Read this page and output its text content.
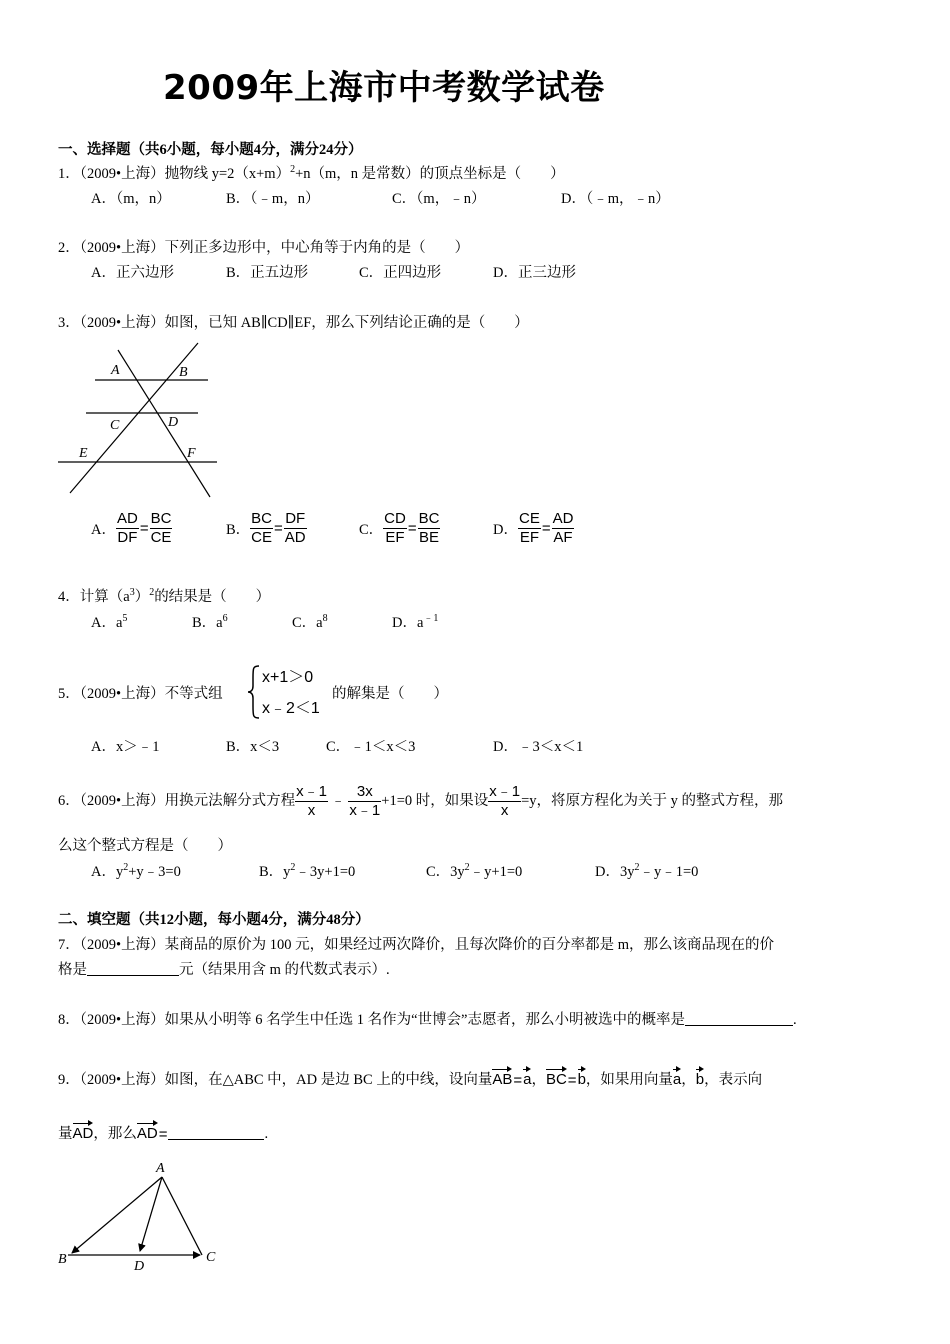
2009年上海市中考数学试卷
一、选择题（共6小题，每小题4分，满分24分）
1．（2009•上海）抛物线 $y=2(x+m)^2+n(m$，n 是常数）的顶点坐标是（　　）
A．（m，n）	B．（﹣m，n）	C．（m，﹣n）	D．（﹣m，﹣n）
2．（2009•上海）下列正多边形中，中心角等于内角的是（　　）
A．正六边形	B．正五边形	C．正四边形	D．正三边形
3．（2009•上海）如图，已知 AB∥CD∥EF，那么下列结论正确的是（　　）
A	B
C	D
E	F
A． $\frac{AD}{DF} = \frac{BC}{CE}$	B． $\frac{BC}{CE} = \frac{DF}{AD}$	C． $\frac{CD}{EF} = \frac{BC}{BE}$	D． $\frac{CE}{EF} = \frac{AD}{AF}$
4．计算$(a^3)^2$的结果是（　　）
A．$a^5$	B．$a^6$	C．$a^8$	D．$a^{﹣1}$
5．（2009•上海）不等式组
x+1＞0
x﹣2＜1
的解集是（　　）
A．x＞﹣1	B．x＜3	C．﹣1＜x＜3	D．﹣3＜x＜1
6．（2009•上海）用换元法解分式方程 $\frac{x﹣1}{x}$ ﹣ $\frac{3x}{x﹣1} +1=0$ 时，如果设 $\frac{x﹣1}{x} =y$，将原方程化为关于 y 的整式方程，那
么这个整式方程是（　　）
A．$y^2+y﹣3=0$	B．$y^2﹣3y+1=0$	C．$3y^2﹣y+1=0$	D．$3y^2﹣y﹣1=0$
二、填空题（共12小题，每小题4分，满分48分）
7．（2009•上海）某商品的原价为 100 元，如果经过两次降价，且每次降价的百分率都是 m，那么该商品现在的价
格是	元（结果用含 m 的代数式表示）.
8．（2009•上海）如果从小明等 6 名学生中任选 1 名作为“世博会”志愿者，那么小明被选中的概率是	.
9．（2009•上海）如图，在△ABC 中，AD 是边 BC 上的中线，设向量AB=a，BC=b，如果用向量a，b，表示向
量AD，那么AD=	.
A
B	C
D
